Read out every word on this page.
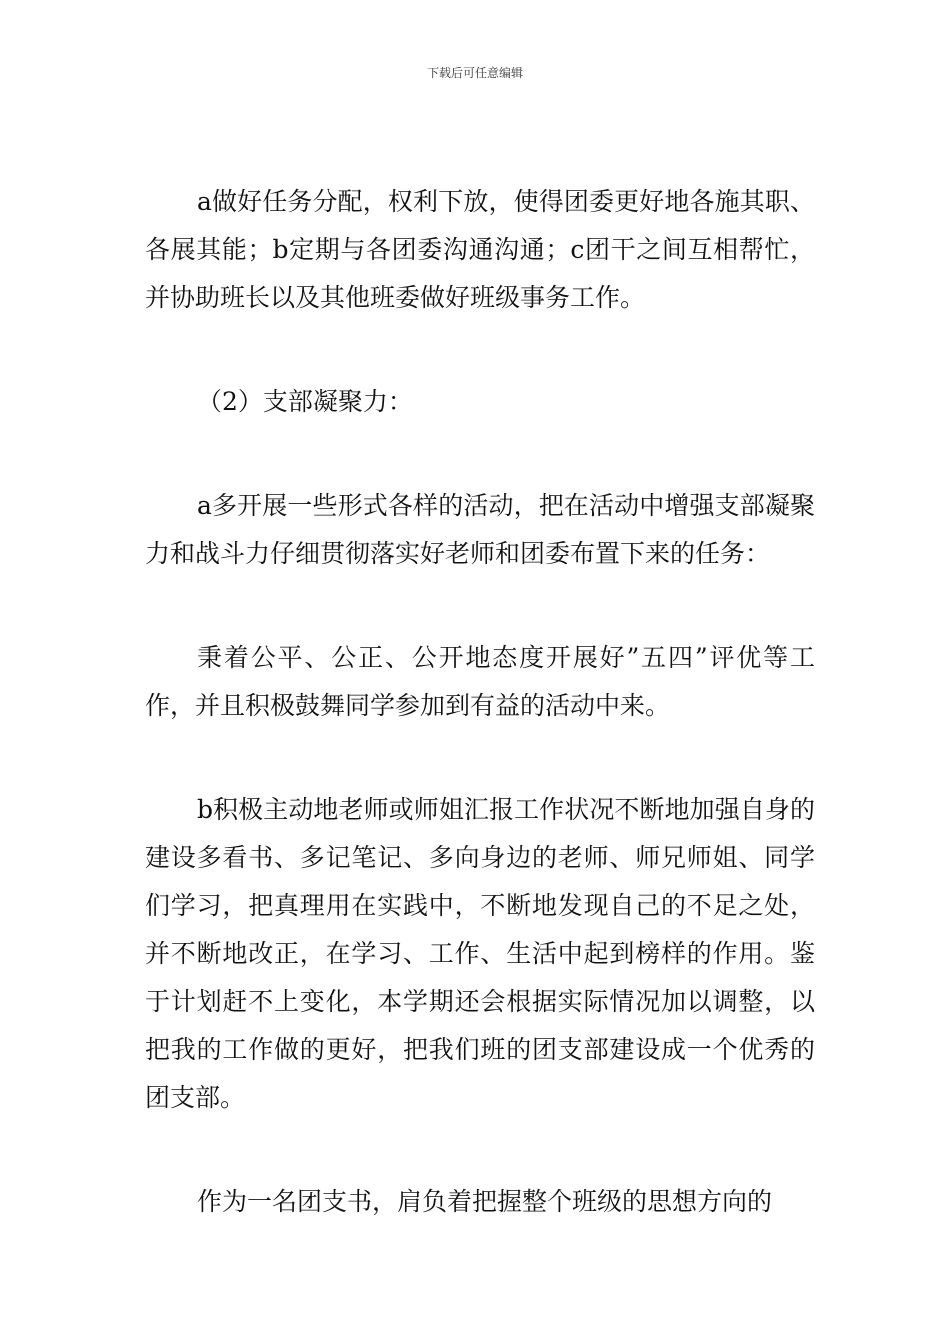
下载后可任意编辑

a做好任务分配，权利下放，使得团委更好地各施其职、各展其能；b定期与各团委沟通沟通；c团干之间互相帮忙，并协助班长以及其他班委做好班级事务工作。

（2）支部凝聚力：

a多开展一些形式各样的活动，把在活动中增强支部凝聚力和战斗力仔细贯彻落实好老师和团委布置下来的任务：

秉着公平、公正、公开地态度开展好”五四”评优等工作，并且积极鼓舞同学参加到有益的活动中来。

b积极主动地老师或师姐汇报工作状况不断地加强自身的建设多看书、多记笔记、多向身边的老师、师兄师姐、同学们学习，把真理用在实践中，不断地发现自己的不足之处，并不断地改正，在学习、工作、生活中起到榜样的作用。鉴于计划赶不上变化，本学期还会根据实际情况加以调整，以把我的工作做的更好，把我们班的团支部建设成一个优秀的团支部。

作为一名团支书，肩负着把握整个班级的思想方向的
